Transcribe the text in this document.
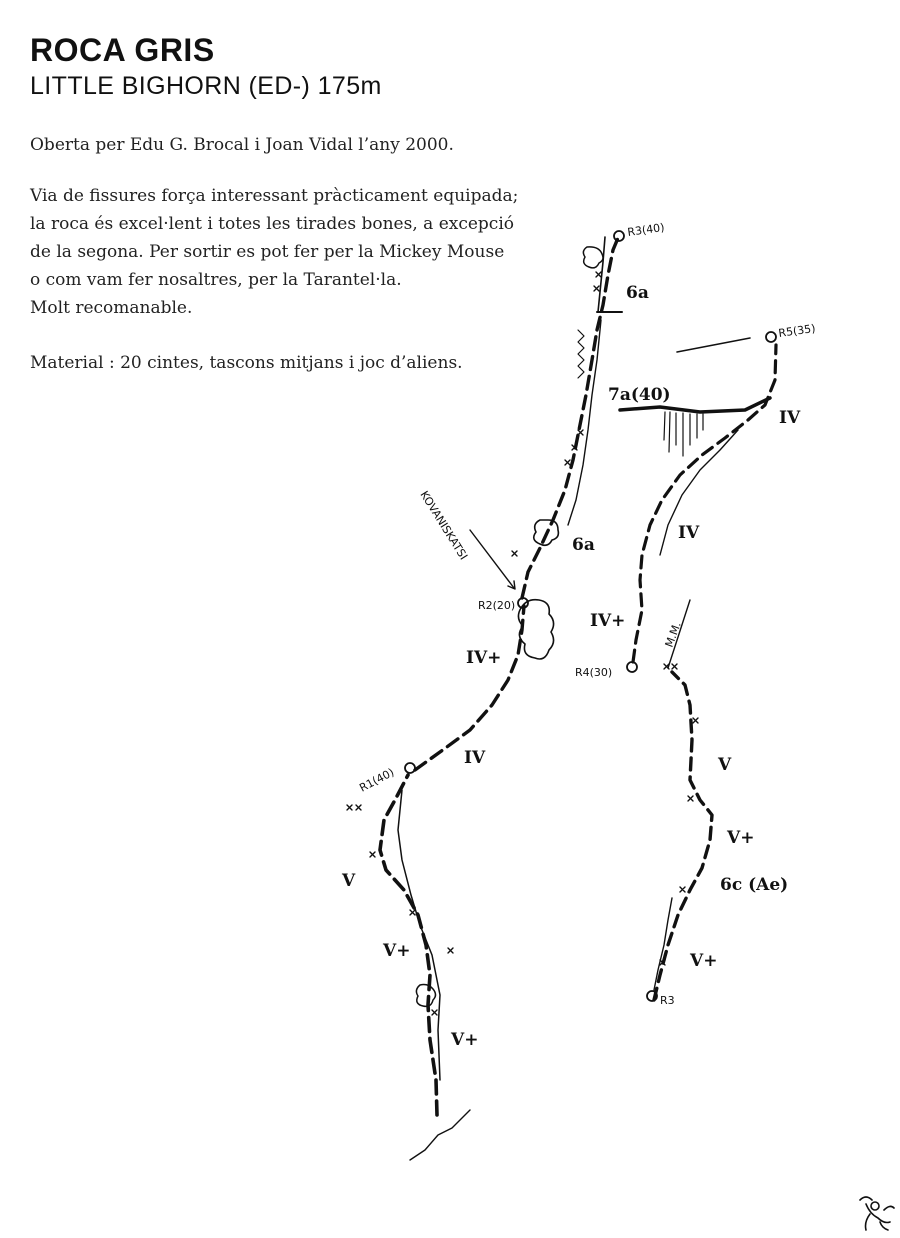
ROCA GRIS
LITTLE BIGHORN (ED-) 175m
Oberta per Edu G. Brocal i Joan Vidal l’any 2000.
Via de fissures força interessant pràcticament equipada;
la roca és excel·lent i totes les tirades bones, a excepció
de la segona. Per sortir es pot fer per la Mickey Mouse
o com vam fer nosaltres, per la Tarantel·la.
Molt recomanable.
Material : 20 cintes, tascons mitjans i joc d’aliens.
R1(40)
R2(20)
R3(40)
R4(30)
R5(35)
R3
V+
V+
V
IV
IV+
6a
7a(40)
6a
V+
6c (Ae)
V+
V
IV+
IV
IV
KOVANISKATSI
M.M.
